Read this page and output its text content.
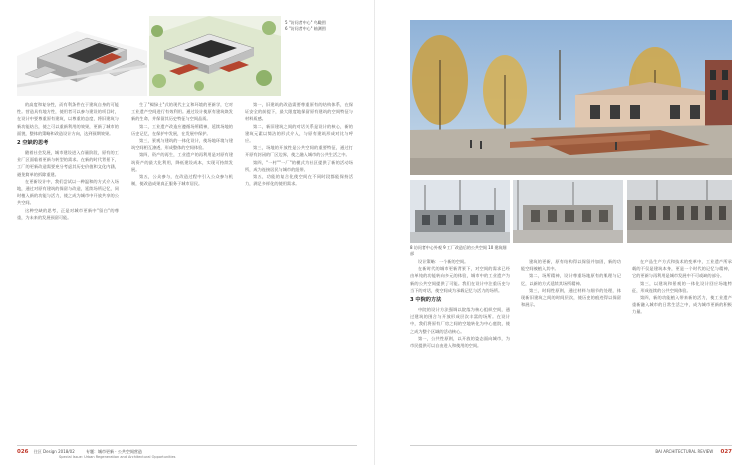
5 "访问者中心" 鸟瞰图
6 "访问者中心" 轴测图

的高度和复杂性，而有利条件在于建筑自身的可能性。营造具有地方性，使用者可以参与建设的项目时，在设计中要尊重原有建筑，以尊重的态度，将旧建筑与新功能结合，使之可以重新利用的效果，更新了城市的面貌，整体的策略和改造设计方向，达到预期效果。

2 空缺的思考

随着社会发展，城市建设进入存量阶段，原有的工业厂区面临着更新与转型的需求。在新的时代背景下，工厂的更新改造需要充分考虑其历史价值和文化内涵，避免简单的拆除重建。

在更新设计中，我们尝试以一种温和的方式介入场地，通过对原有建筑的保留与改造，延续场所记忆，同时植入新的功能与活力，使之成为城市中开放共享的公共空间。

这种空缺的思考，正是对城市更新中"留白"的尊重，为未来的发展预留可能。

生了"褐绿土"式的现代主义和环境的更新学，它对工业遗产空间进行有效利用。通过设计使原有建筑焕发新的生命，并保留其历史特征与空间品质。

第二，工业遗产改造应遵循场所精神，延续场地的历史记忆，在保护中发展，在发展中保护。

第三，景观与建筑的一体化设计，使场地环境与建筑空间相互渗透，形成整体的空间体验。

第四，资产的再生，工业遗产的再利用是对原有建筑资产的最大化利用，降低建设成本，实现可持续发展。

第五，公众参与，在改造过程中引入公众参与机制，使改造成果真正服务于城市居民。

第一，旧建筑的改造需要尊重原有的结构体系，在保证安全的前提下，最大限度地保留原有建筑的空间特征与材料质感。

第二，新旧建筑之间的对话关系是设计的核心，新的建筑元素以简洁的形式介入，与原有建筑形成对比与呼应。

第三，场地的开放性是公共空间的重要特征，通过打开原有封闭的厂区边界，使之融入城市的公共生活之中。

第四，"一村""一厂"的模式为社区提供了新的活动场所，成为连接居民与城市的纽带。

第五，功能的复合化使空间在不同时段都能保持活力，满足多样化的使用需求。

026 住区 Design 2018/02	专题：城市更新 · 公共空间营造
Special Issue: Urban Regeneration and Architectural Opportunities
8 访问者中心外观 9 工厂改造后的公共空间 10 建筑细部

设计策略：一个新的空间。

在新时代的城市更新背景下，对空间的需求已经由单纯的功能转向多元的体验，城市中的工业遗产为新的公共空间提供了可能。我们在设计中注重历史与当下的对话，使空间成为承载记忆与活力的场所。

3 中院的方法

中院的设计方法强调以院落为核心组织空间，通过建筑的围合与开放形成层次丰富的场所。在设计中，我们将原有厂房之间的空地转化为中心庭院，使之成为整个区域的活动核心。

第一，公共性原则，以开放的姿态面向城市，为市民提供可以自由进入和使用的空间。

建筑的更新，原有结构得以保留并加固，新的功能空间被植入其中。

第二，场所精神，设计尊重场地原有的肌理与记忆，以新的方式延续其场所精神。

第三，时间性原则，通过材料与细节的处理，体现新旧建筑之间的时间层次，使历史的痕迹得以保留和展示。

在产品生产方式和技术的变革中，工业遗产所承载的不仅是建筑本身，更是一个时代的记忆与精神，它的更新与再利用是城市发展中不可或缺的部分。

第三，以建筑和景观的一体化设计回应场地特征，形成连续的公共空间体验。

第四，新的功能植入带来新的活力，使工业遗产重新融入城市的日常生活之中，成为城市更新的积极力量。

BAI ARCHITECTURAL REVIEW 027
